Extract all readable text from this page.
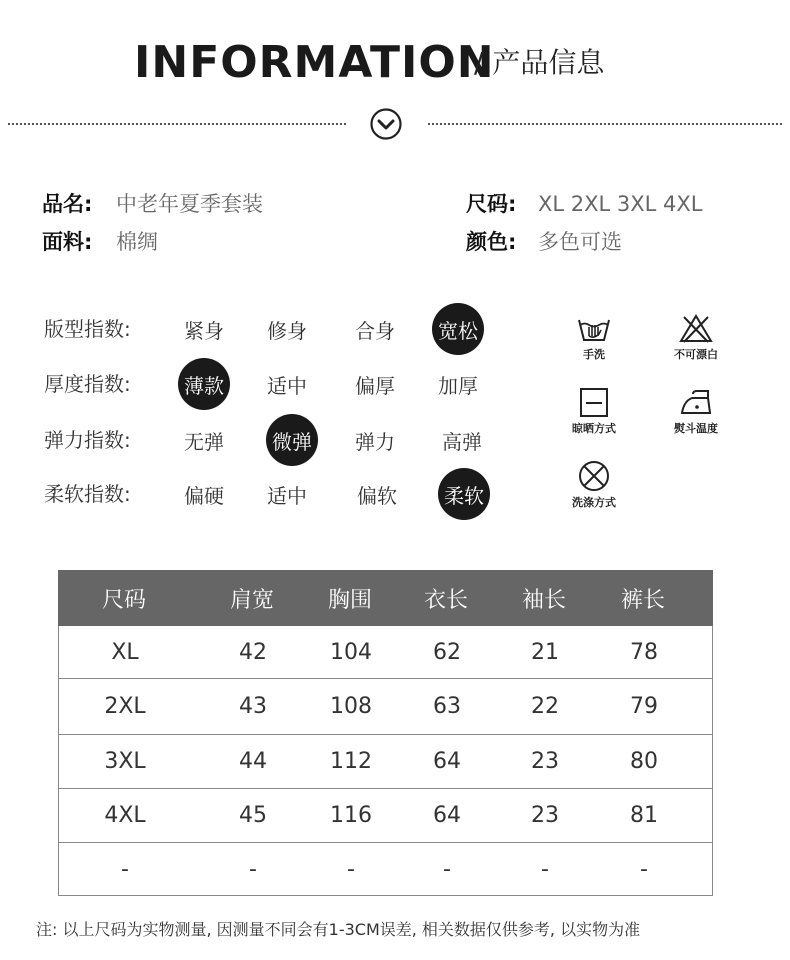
INFORMATION
/ 产品信息
品名: 中老年夏季套装	尺码: XL 2XL 3XL 4XL
面料: 棉绸	颜色: 多色可选
版型指数:	紧身	修身	合身	宽松
厚度指数:	薄款	适中	偏厚	加厚
弹力指数:	无弹	微弹	弹力	高弹
柔软指数:	偏硬	适中	偏软	柔软
手洗	不可漂白
晾晒方式	熨斗温度
洗涤方式
尺码	肩宽	胸围	衣长	袖长	裤长
XL	42	104	62	21	78
2XL	43	108	63	22	79
3XL	44	112	64	23	80
4XL	45	116	64	23	81
-	-	-	-	-	-
注: 以上尺码为实物测量, 因测量不同会有1-3CM误差, 相关数据仅供参考, 以实物为准
